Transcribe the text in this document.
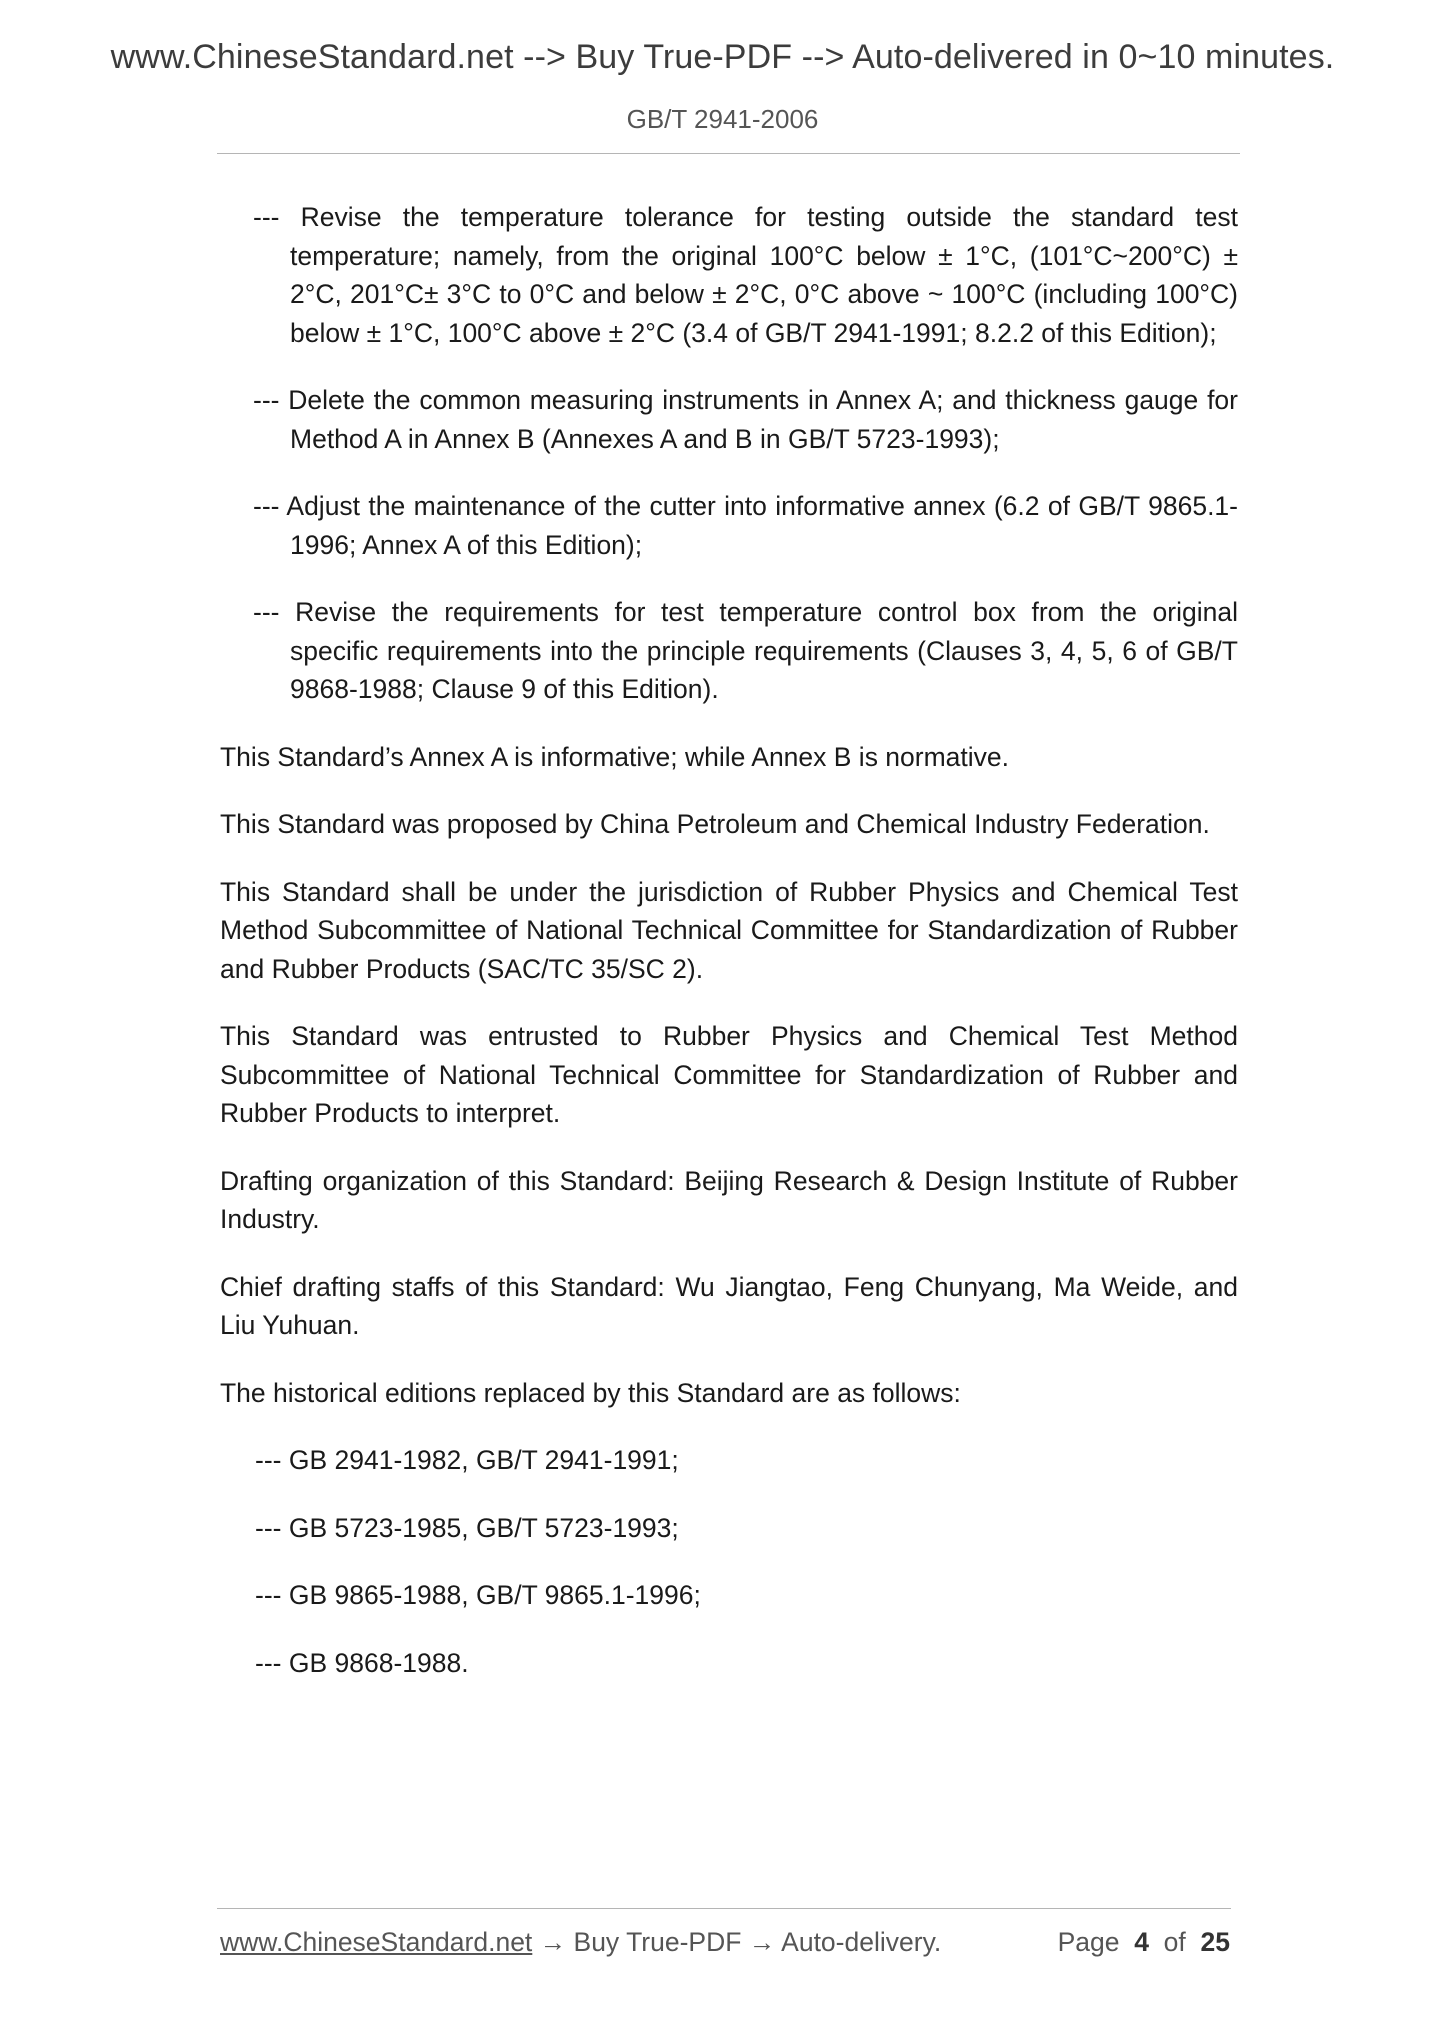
www.ChineseStandard.net --> Buy True-PDF --> Auto-delivered in 0~10 minutes.
GB/T 2941-2006

--- Revise the temperature tolerance for testing outside the standard test temperature; namely, from the original 100°C below ± 1°C, (101°C~200°C) ± 2°C, 201°C± 3°C to 0°C and below ± 2°C, 0°C above ~ 100°C (including 100°C) below ± 1°C, 100°C above ± 2°C (3.4 of GB/T 2941-1991; 8.2.2 of this Edition);

--- Delete the common measuring instruments in Annex A; and thickness gauge for Method A in Annex B (Annexes A and B in GB/T 5723-1993);

--- Adjust the maintenance of the cutter into informative annex (6.2 of GB/T 9865.1-1996; Annex A of this Edition);

--- Revise the requirements for test temperature control box from the original specific requirements into the principle requirements (Clauses 3, 4, 5, 6 of GB/T 9868-1988; Clause 9 of this Edition).

This Standard’s Annex A is informative; while Annex B is normative.

This Standard was proposed by China Petroleum and Chemical Industry Federation.

This Standard shall be under the jurisdiction of Rubber Physics and Chemical Test Method Subcommittee of National Technical Committee for Standardization of Rubber and Rubber Products (SAC/TC 35/SC 2).

This Standard was entrusted to Rubber Physics and Chemical Test Method Subcommittee of National Technical Committee for Standardization of Rubber and Rubber Products to interpret.

Drafting organization of this Standard: Beijing Research & Design Institute of Rubber Industry.

Chief drafting staffs of this Standard: Wu Jiangtao, Feng Chunyang, Ma Weide, and Liu Yuhuan.

The historical editions replaced by this Standard are as follows:

--- GB 2941-1982, GB/T 2941-1991;

--- GB 5723-1985, GB/T 5723-1993;

--- GB 9865-1988, GB/T 9865.1-1996;

--- GB 9868-1988.

www.ChineseStandard.net → Buy True-PDF → Auto-delivery.	Page 4 of 25
